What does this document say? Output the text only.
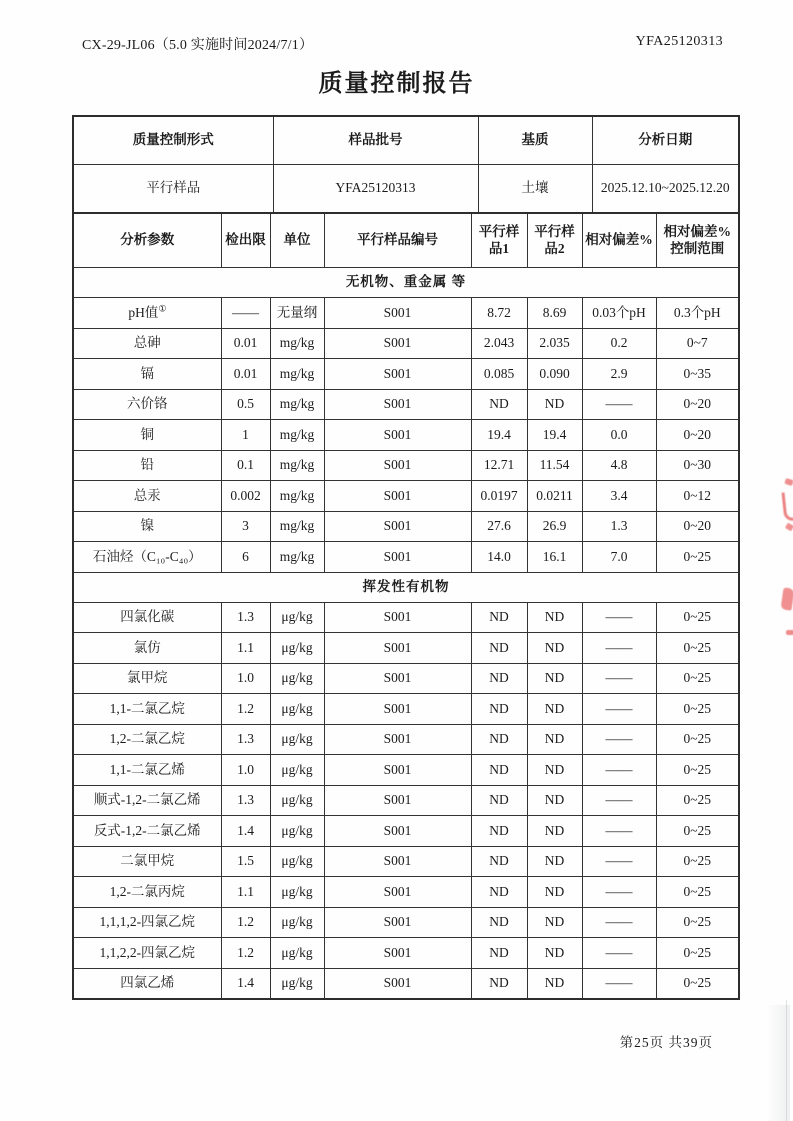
CX-29-JL06（5.0 实施时间2024/7/1）	YFA25120313
质量控制报告
质量控制形式	样品批号	基质	分析日期
平行样品	YFA25120313	土壤	2025.12.10~2025.12.20
分析参数	检出限	单位	平行样品编号	平行样品1	平行样品2	相对偏差%	相对偏差% 控制范围
无机物、重金属 等							
pH值①	——	无量纲	S001	8.72	8.69	0.03个pH	0.3个pH
总砷	0.01	mg/kg	S001	2.043	2.035	0.2	0~7
镉	0.01	mg/kg	S001	0.085	0.090	2.9	0~35
六价铬	0.5	mg/kg	S001	ND	ND	——	0~20
铜	1	mg/kg	S001	19.4	19.4	0.0	0~20
铅	0.1	mg/kg	S001	12.71	11.54	4.8	0~30
总汞	0.002	mg/kg	S001	0.0197	0.0211	3.4	0~12
镍	3	mg/kg	S001	27.6	26.9	1.3	0~20
石油烃（C₁₀-C₄₀）	6	mg/kg	S001	14.0	16.1	7.0	0~25
挥发性有机物							
四氯化碳	1.3	μg/kg	S001	ND	ND	——	0~25
氯仿	1.1	μg/kg	S001	ND	ND	——	0~25
氯甲烷	1.0	μg/kg	S001	ND	ND	——	0~25
1,1-二氯乙烷	1.2	μg/kg	S001	ND	ND	——	0~25
1,2-二氯乙烷	1.3	μg/kg	S001	ND	ND	——	0~25
1,1-二氯乙烯	1.0	μg/kg	S001	ND	ND	——	0~25
顺式-1,2-二氯乙烯	1.3	μg/kg	S001	ND	ND	——	0~25
反式-1,2-二氯乙烯	1.4	μg/kg	S001	ND	ND	——	0~25
二氯甲烷	1.5	μg/kg	S001	ND	ND	——	0~25
1,2-二氯丙烷	1.1	μg/kg	S001	ND	ND	——	0~25
1,1,1,2-四氯乙烷	1.2	μg/kg	S001	ND	ND	——	0~25
1,1,2,2-四氯乙烷	1.2	μg/kg	S001	ND	ND	——	0~25
四氯乙烯	1.4	μg/kg	S001	ND	ND	——	0~25
第25页 共39页
